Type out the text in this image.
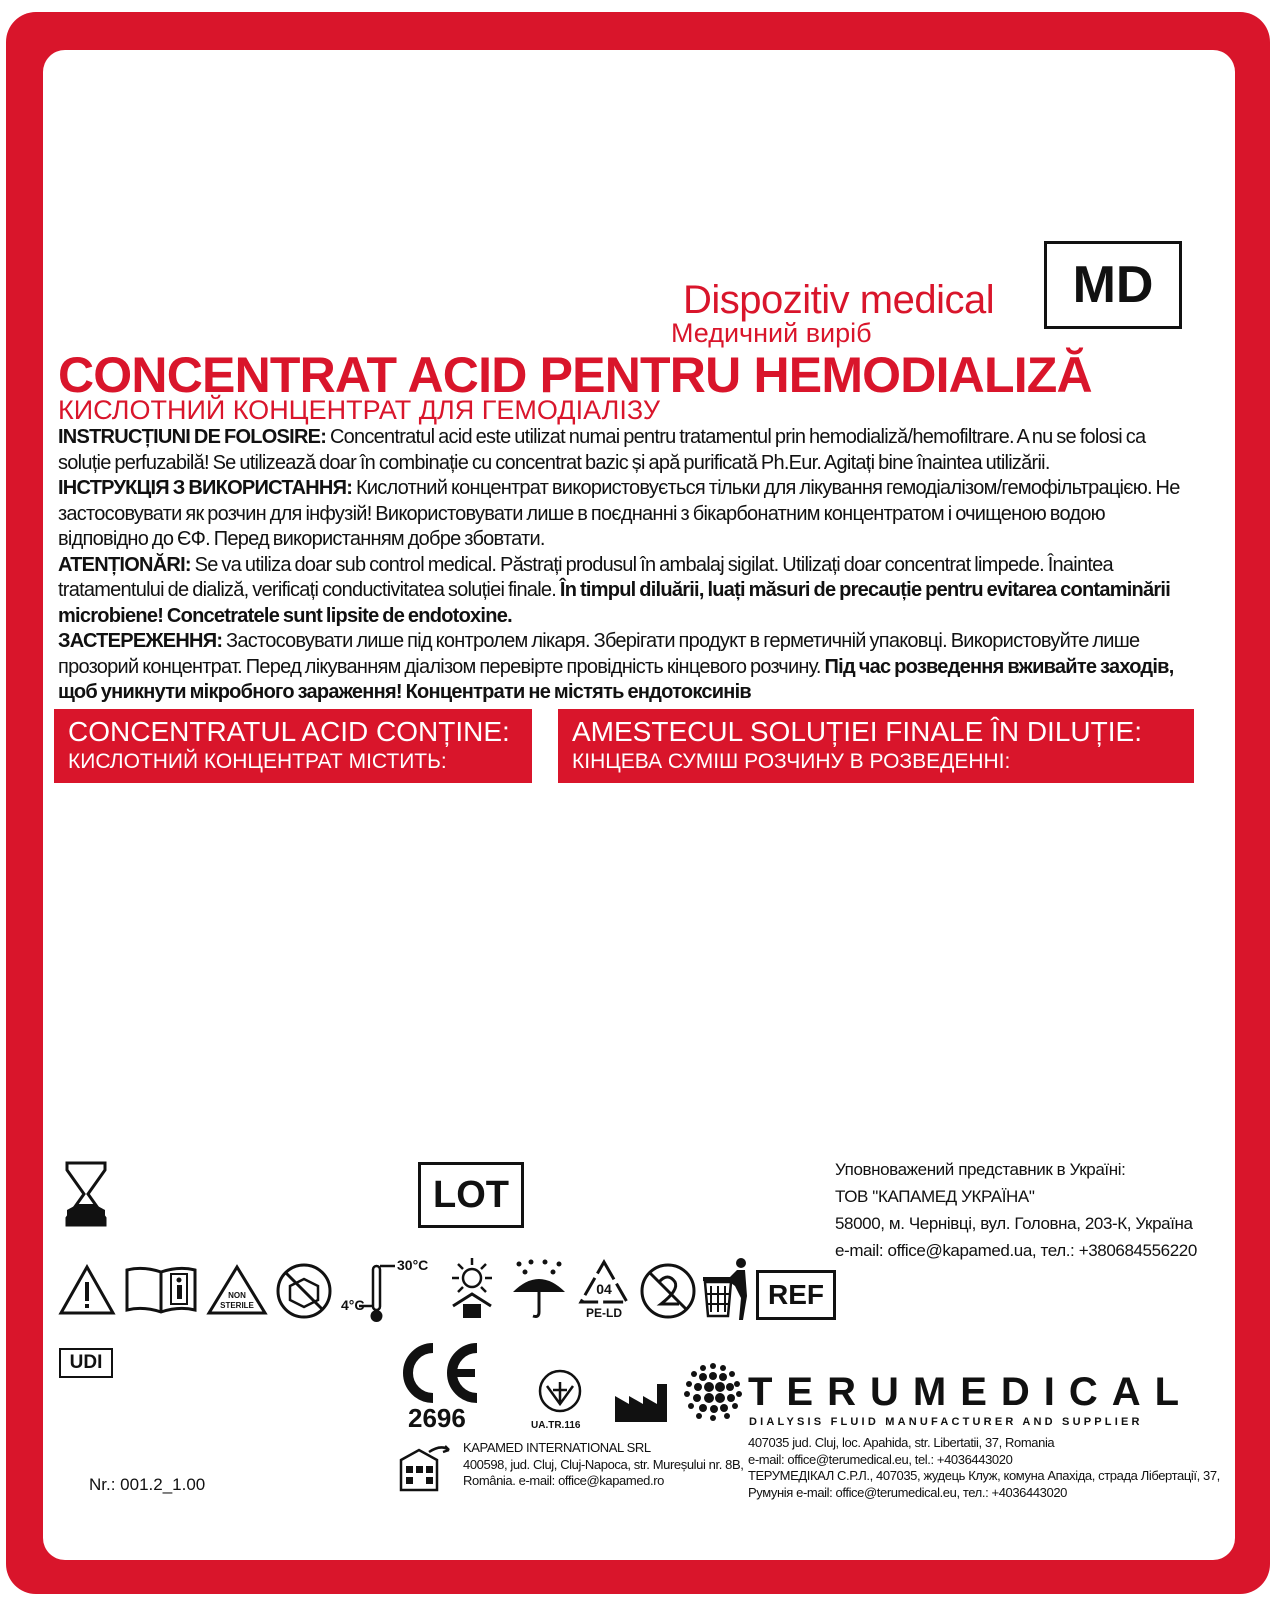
Dispozitiv medical
Медичний виріб
MD
CONCENTRAT ACID PENTRU HEMODIALIZĂ
КИСЛОТНИЙ КОНЦЕНТРАТ ДЛЯ ГЕМОДІАЛІЗУ

INSTRUCȚIUNI DE FOLOSIRE: Concentratul acid este utilizat numai pentru tratamentul prin hemodializă/hemofiltrare. A nu se folosi ca soluție perfuzabilă! Se utilizează doar în combinație cu concentrat bazic și apă purificată Ph.Eur. Agitați bine înaintea utilizării.

ІНСТРУКЦІЯ З ВИКОРИСТАННЯ: Кислотний концентрат використовується тільки для лікування гемодіалізом/гемофільтрацією. Не застосовувати як розчин для інфузій! Використовувати лише в поєднанні з бікарбонатним концентратом і очищеною водою відповідно до ЄФ. Перед використанням добре збовтати.

ATENȚIONĂRI: Se va utiliza doar sub control medical. Păstrați produsul în ambalaj sigilat. Utilizați doar concentrat limpede. Înaintea tratamentului de dializă, verificați conductivitatea soluției finale. În timpul diluării, luați măsuri de precauție pentru evitarea contaminării microbiene! Concetratele sunt lipsite de endotoxine.

ЗАСТЕРЕЖЕННЯ: Застосовувати лише під контролем лікаря. Зберігати продукт в герметичній упаковці. Використовуйте лише прозорий концентрат. Перед лікуванням діалізом перевірте провідність кінцевого розчину. Під час розведення вживайте заходів, щоб уникнути мікробного зараження! Концентрати не містять ендотоксинів

CONCENTRATUL ACID CONȚINE:
КИСЛОТНИЙ КОНЦЕНТРАТ МІСТИТЬ:
AMESTECUL SOLUȚIEI FINALE ÎN DILUȚIE:
КІНЦЕВА СУМІШ РОЗЧИНУ В РОЗВЕДЕННІ:
LOT
Уповноважений представник в Україні:
ТОВ "КАПАМЕД УКРАЇНА"
58000, м. Чернівці, вул. Головна, 203-К, Україна
e-mail: office@kapamed.ua, тел.: +380684556220
NON
STERILE
30°C
4°C
04
PE-LD
REF
UDI
2696	UA.TR.116
TERUMEDICAL
DIALYSIS FLUID MANUFACTURER AND SUPPLIER
407035 jud. Cluj, loc. Apahida, str. Libertatii, 37, Romania
e-mail: office@terumedical.eu, tel.: +4036443020
ТЕРУМЕДІКАЛ С.Р.Л., 407035, жудець Клуж, комуна Апахіда, страда Лібертації, 37,
Румунія e-mail: office@terumedical.eu, тел.: +4036443020
KAPAMED INTERNATIONAL SRL
400598, jud. Cluj, Cluj-Napoca, str. Mureșului nr. 8B,
România. e-mail: office@kapamed.ro
Nr.: 001.2_1.00
